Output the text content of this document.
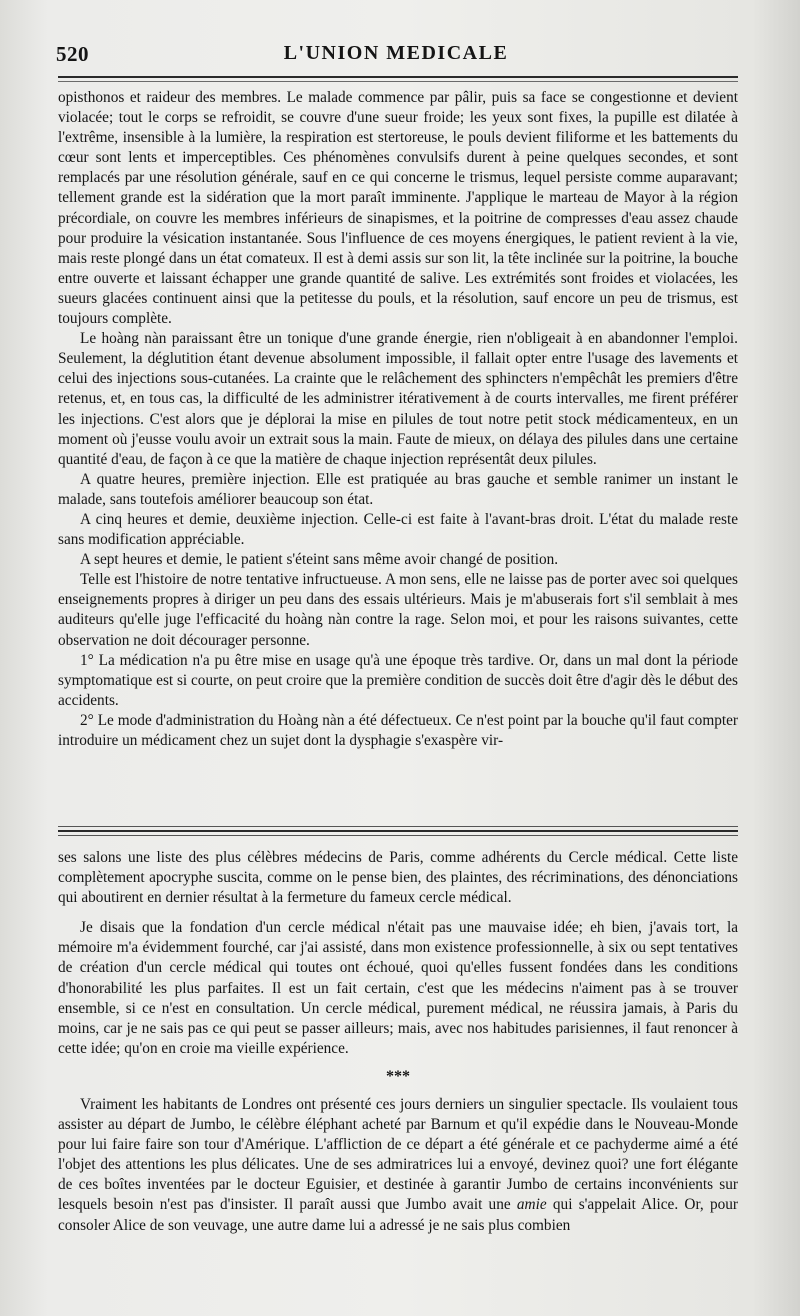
520	L'UNION MEDICALE

opisthonos et raideur des membres. Le malade commence par pâlir, puis sa face se congestionne et devient violacée; tout le corps se refroidit, se couvre d'une sueur froide; les yeux sont fixes, la pupille est dilatée à l'extrême, insensible à la lumière, la respiration est stertoreuse, le pouls devient filiforme et les battements du cœur sont lents et imperceptibles. Ces phénomènes convulsifs durent à peine quelques secondes, et sont remplacés par une résolution générale, sauf en ce qui concerne le trismus, lequel persiste comme auparavant; tellement grande est la sidération que la mort paraît imminente. J'applique le marteau de Mayor à la région précordiale, on couvre les membres inférieurs de sinapismes, et la poitrine de compresses d'eau assez chaude pour produire la vésication instantanée. Sous l'influence de ces moyens énergiques, le patient revient à la vie, mais reste plongé dans un état comateux. Il est à demi assis sur son lit, la tête inclinée sur la poitrine, la bouche entre ouverte et laissant échapper une grande quantité de salive. Les extrémités sont froides et violacées, les sueurs glacées continuent ainsi que la petitesse du pouls, et la résolution, sauf encore un peu de trismus, est toujours complète.

Le hoàng nàn paraissant être un tonique d'une grande énergie, rien n'obligeait à en abandonner l'emploi. Seulement, la déglutition étant devenue absolument impossible, il fallait opter entre l'usage des lavements et celui des injections sous-cutanées. La crainte que le relâchement des sphincters n'empêchât les premiers d'être retenus, et, en tous cas, la difficulté de les administrer itérativement à de courts intervalles, me firent préférer les injections. C'est alors que je déplorai la mise en pilules de tout notre petit stock médicamenteux, en un moment où j'eusse voulu avoir un extrait sous la main. Faute de mieux, on délaya des pilules dans une certaine quantité d'eau, de façon à ce que la matière de chaque injection représentât deux pilules.

A quatre heures, première injection. Elle est pratiquée au bras gauche et semble ranimer un instant le malade, sans toutefois améliorer beaucoup son état.

A cinq heures et demie, deuxième injection. Celle-ci est faite à l'avant-bras droit. L'état du malade reste sans modification appréciable.

A sept heures et demie, le patient s'éteint sans même avoir changé de position.

Telle est l'histoire de notre tentative infructueuse. A mon sens, elle ne laisse pas de porter avec soi quelques enseignements propres à diriger un peu dans des essais ultérieurs. Mais je m'abuserais fort s'il semblait à mes auditeurs qu'elle juge l'efficacité du hoàng nàn contre la rage. Selon moi, et pour les raisons suivantes, cette observation ne doit décourager personne.

1° La médication n'a pu être mise en usage qu'à une époque très tardive. Or, dans un mal dont la période symptomatique est si courte, on peut croire que la première condition de succès doit être d'agir dès le début des accidents.

2° Le mode d'administration du Hoàng nàn a été défectueux. Ce n'est point par la bouche qu'il faut compter introduire un médicament chez un sujet dont la dysphagie s'exaspère vir-

ses salons une liste des plus célèbres médecins de Paris, comme adhérents du Cercle médical. Cette liste complètement apocryphe suscita, comme on le pense bien, des plaintes, des récriminations, des dénonciations qui aboutirent en dernier résultat à la fermeture du fameux cercle médical.

Je disais que la fondation d'un cercle médical n'était pas une mauvaise idée; eh bien, j'avais tort, la mémoire m'a évidemment fourché, car j'ai assisté, dans mon existence professionnelle, à six ou sept tentatives de création d'un cercle médical qui toutes ont échoué, quoi qu'elles fussent fondées dans les conditions d'honorabilité les plus parfaites. Il est un fait certain, c'est que les médecins n'aiment pas à se trouver ensemble, si ce n'est en consultation. Un cercle médical, purement médical, ne réussira jamais, à Paris du moins, car je ne sais pas ce qui peut se passer ailleurs; mais, avec nos habitudes parisiennes, il faut renoncer à cette idée; qu'on en croie ma vieille expérience.

***

Vraiment les habitants de Londres ont présenté ces jours derniers un singulier spectacle. Ils voulaient tous assister au départ de Jumbo, le célèbre éléphant acheté par Barnum et qu'il expédie dans le Nouveau-Monde pour lui faire faire son tour d'Amérique. L'affliction de ce départ a été générale et ce pachyderme aimé a été l'objet des attentions les plus délicates. Une de ses admiratrices lui a envoyé, devinez quoi? une fort élégante de ces boîtes inventées par le docteur Eguisier, et destinée à garantir Jumbo de certains inconvénients sur lesquels besoin n'est pas d'insister. Il paraît aussi que Jumbo avait une amie qui s'appelait Alice. Or, pour consoler Alice de son veuvage, une autre dame lui a adressé je ne sais plus combien
